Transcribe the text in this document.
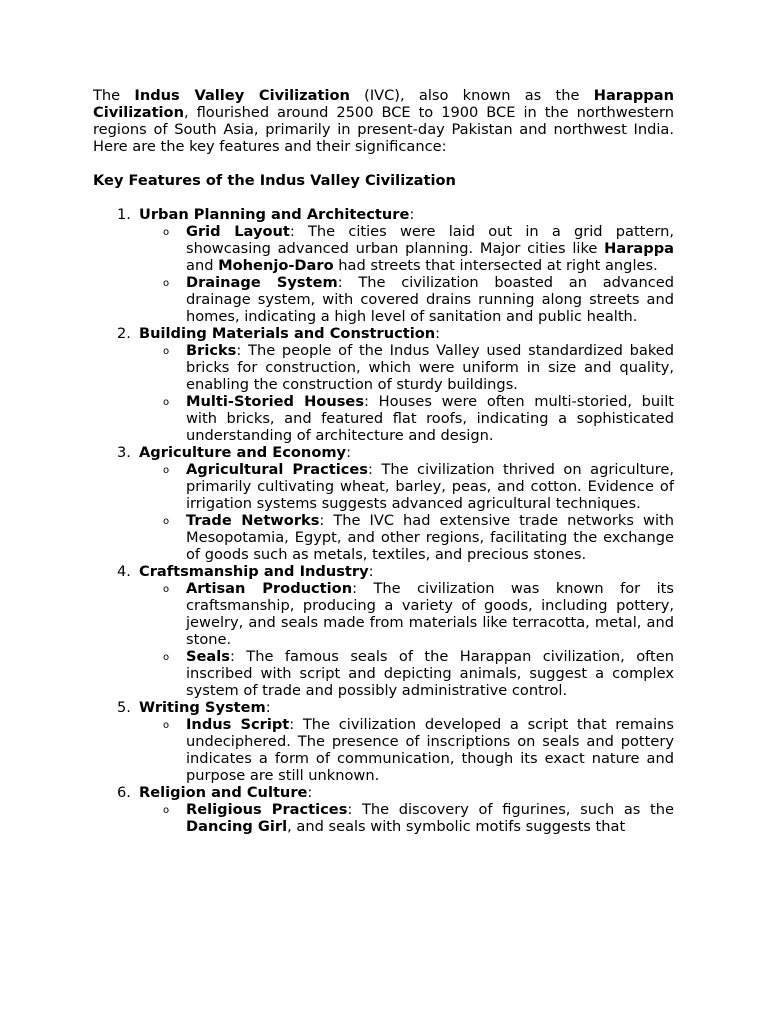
The Indus Valley Civilization (IVC), also known as the Harappan Civilization, flourished around 2500 BCE to 1900 BCE in the northwestern regions of South Asia, primarily in present-day Pakistan and northwest India. Here are the key features and their significance:

Key Features of the Indus Valley Civilization

1. Urban Planning and Architecture:
o Grid Layout: The cities were laid out in a grid pattern, showcasing advanced urban planning. Major cities like Harappa and Mohenjo-Daro had streets that intersected at right angles.
o Drainage System: The civilization boasted an advanced drainage system, with covered drains running along streets and homes, indicating a high level of sanitation and public health.
2. Building Materials and Construction:
o Bricks: The people of the Indus Valley used standardized baked bricks for construction, which were uniform in size and quality, enabling the construction of sturdy buildings.
o Multi-Storied Houses: Houses were often multi-storied, built with bricks, and featured flat roofs, indicating a sophisticated understanding of architecture and design.
3. Agriculture and Economy:
o Agricultural Practices: The civilization thrived on agriculture, primarily cultivating wheat, barley, peas, and cotton. Evidence of irrigation systems suggests advanced agricultural techniques.
o Trade Networks: The IVC had extensive trade networks with Mesopotamia, Egypt, and other regions, facilitating the exchange of goods such as metals, textiles, and precious stones.
4. Craftsmanship and Industry:
o Artisan Production: The civilization was known for its craftsmanship, producing a variety of goods, including pottery, jewelry, and seals made from materials like terracotta, metal, and stone.
o Seals: The famous seals of the Harappan civilization, often inscribed with script and depicting animals, suggest a complex system of trade and possibly administrative control.
5. Writing System:
o Indus Script: The civilization developed a script that remains undeciphered. The presence of inscriptions on seals and pottery indicates a form of communication, though its exact nature and purpose are still unknown.
6. Religion and Culture:
o Religious Practices: The discovery of figurines, such as the Dancing Girl, and seals with symbolic motifs suggests that
